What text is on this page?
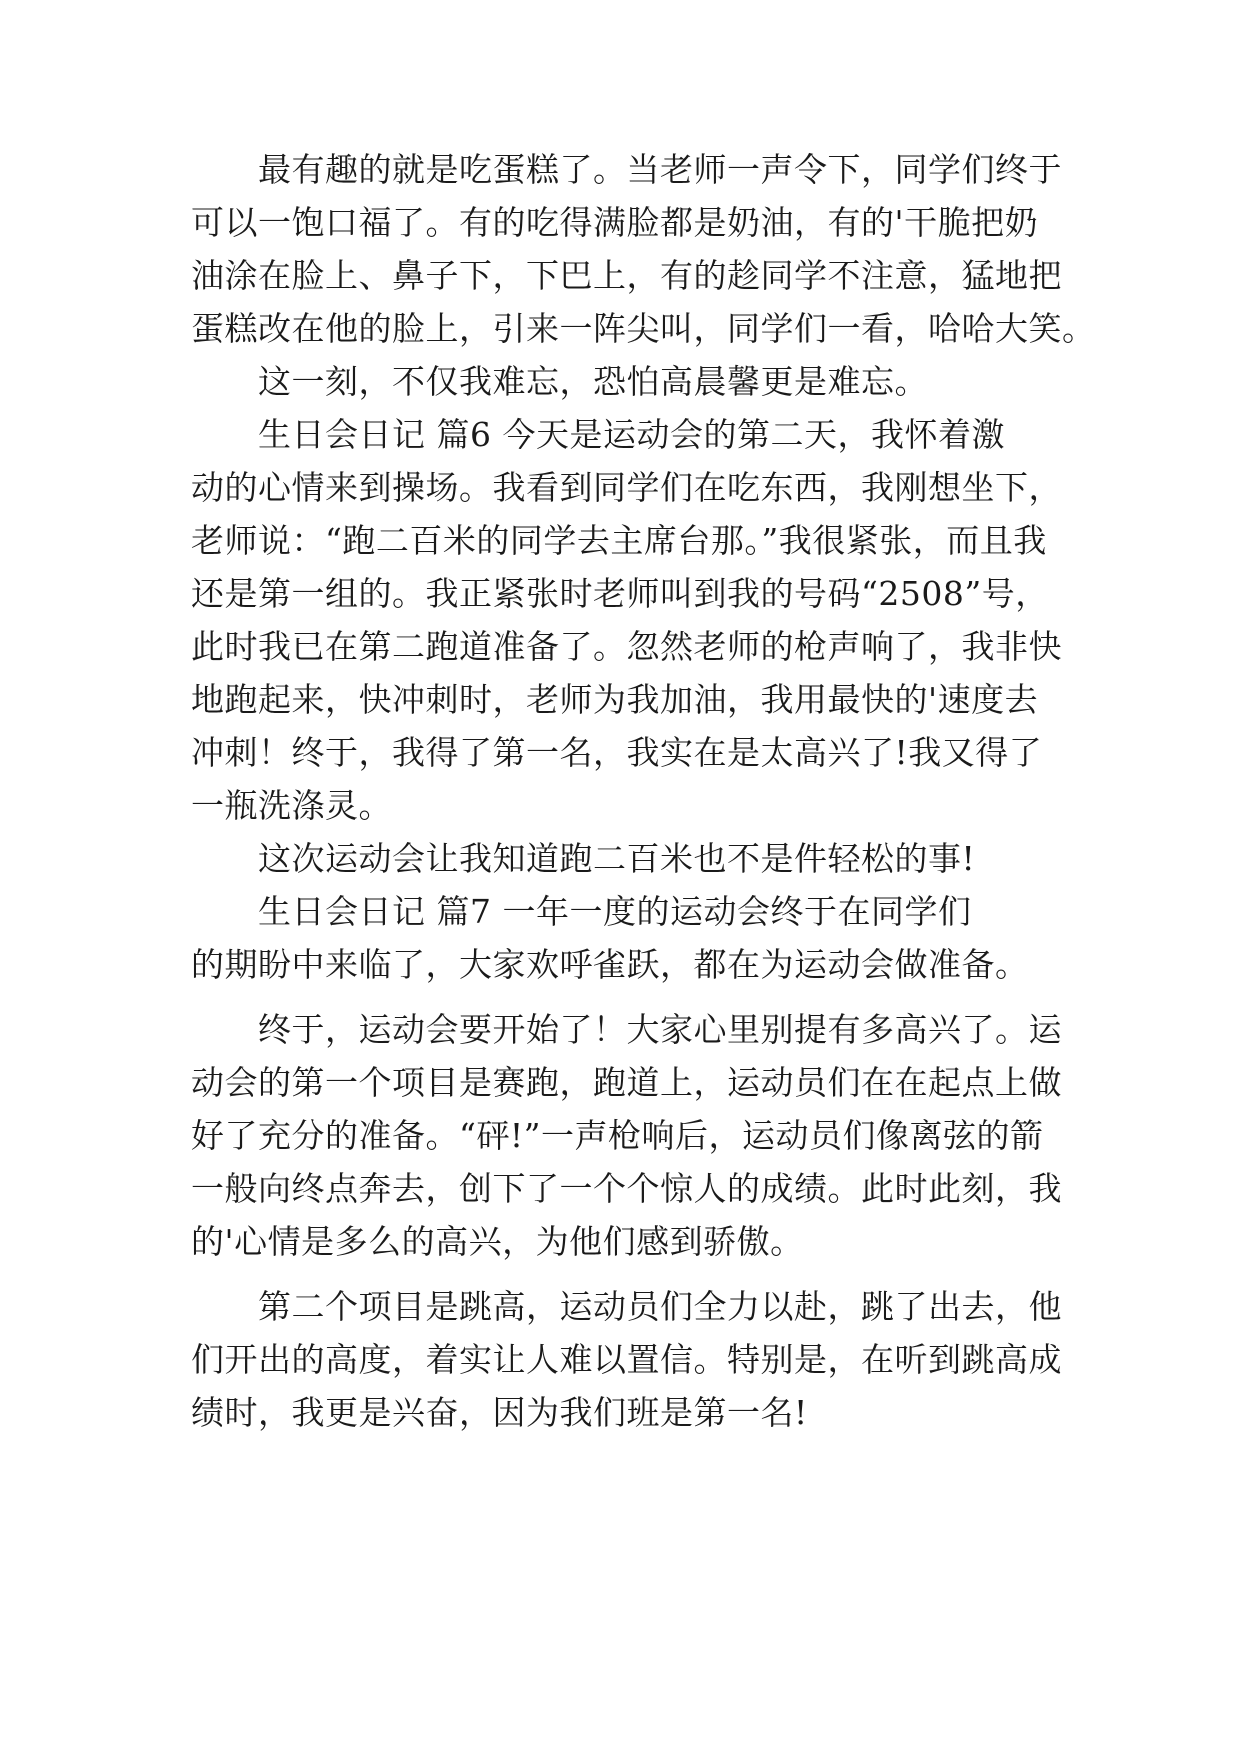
最有趣的就是吃蛋糕了。当老师一声令下，同学们终于
可以一饱口福了。有的吃得满脸都是奶油，有的'干脆把奶
油涂在脸上、鼻子下，下巴上，有的趁同学不注意，猛地把
蛋糕改在他的脸上，引来一阵尖叫，同学们一看，哈哈大笑。
这一刻，不仅我难忘，恐怕高晨馨更是难忘。
生日会日记 篇6 今天是运动会的第二天，我怀着激
动的心情来到操场。我看到同学们在吃东西，我刚想坐下，
老师说：“跑二百米的同学去主席台那。”我很紧张，而且我
还是第一组的。我正紧张时老师叫到我的号码“2508”号，
此时我已在第二跑道准备了。忽然老师的枪声响了，我非快
地跑起来，快冲刺时，老师为我加油，我用最快的'速度去
冲刺！终于，我得了第一名，我实在是太高兴了!我又得了
一瓶洗涤灵。
这次运动会让我知道跑二百米也不是件轻松的事!
生日会日记 篇7 一年一度的运动会终于在同学们
的期盼中来临了，大家欢呼雀跃，都在为运动会做准备。
终于，运动会要开始了！大家心里别提有多高兴了。运
动会的第一个项目是赛跑，跑道上，运动员们在在起点上做
好了充分的准备。“砰!”一声枪响后，运动员们像离弦的箭
一般向终点奔去，创下了一个个惊人的成绩。此时此刻，我
的'心情是多么的高兴，为他们感到骄傲。
第二个项目是跳高，运动员们全力以赴，跳了出去，他
们开出的高度，着实让人难以置信。特别是，在听到跳高成
绩时，我更是兴奋，因为我们班是第一名!
